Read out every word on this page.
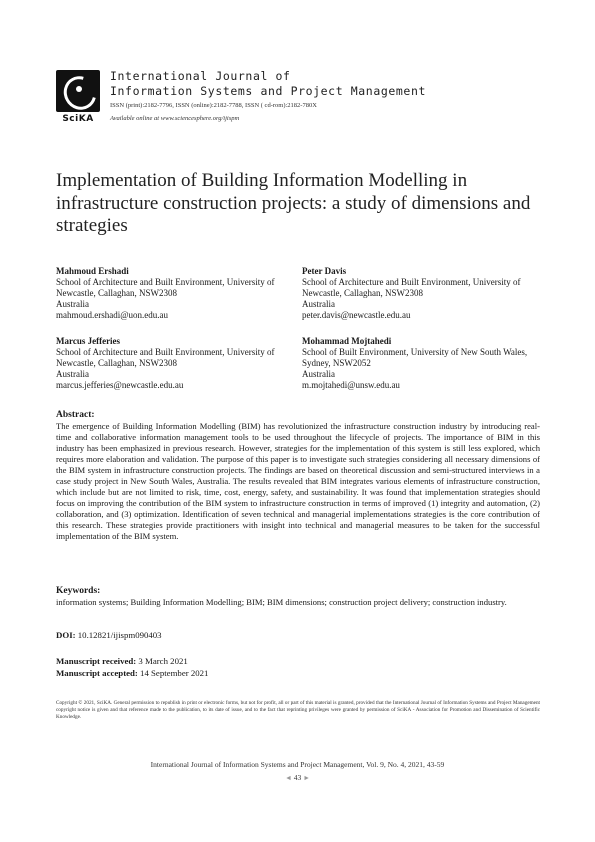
SciKA
International Journal of
Information Systems and Project Management
ISSN (print):2182-7796, ISSN (online):2182-7788, ISSN ( cd-rom):2182-780X
Available online at www.sciencesphere.org/ijispm
Implementation of Building Information Modelling in infrastructure construction projects: a study of dimensions and strategies
Mahmoud Ershadi
School of Architecture and Built Environment, University of Newcastle, Callaghan, NSW2308
Australia
mahmoud.ershadi@uon.edu.au
Peter Davis
School of Architecture and Built Environment, University of Newcastle, Callaghan, NSW2308
Australia
peter.davis@newcastle.edu.au
Marcus Jefferies
School of Architecture and Built Environment, University of Newcastle, Callaghan, NSW2308
Australia
marcus.jefferies@newcastle.edu.au
Mohammad Mojtahedi
School of Built Environment, University of New South Wales, Sydney, NSW2052
Australia
m.mojtahedi@unsw.edu.au
Abstract:

The emergence of Building Information Modelling (BIM) has revolutionized the infrastructure construction industry by introducing real-time and collaborative information management tools to be used throughout the lifecycle of projects. The importance of BIM in this industry has been emphasized in previous research. However, strategies for the implementation of this system is still less explored, which requires more elaboration and validation. The purpose of this paper is to investigate such strategies considering all necessary dimensions of the BIM system in infrastructure construction projects. The findings are based on theoretical discussion and semi-structured interviews in a case study project in New South Wales, Australia. The results revealed that BIM integrates various elements of infrastructure construction, which include but are not limited to risk, time, cost, energy, safety, and sustainability. It was found that implementation strategies should focus on improving the contribution of the BIM system to infrastructure construction in terms of improved (1) integrity and automation, (2) collaboration, and (3) optimization. Identification of seven technical and managerial implementations strategies is the core contribution of this research. These strategies provide practitioners with insight into technical and managerial measures to be taken for the successful implementation of the BIM system.

Keywords:

information systems; Building Information Modelling; BIM; BIM dimensions; construction project delivery; construction industry.

DOI: 10.12821/ijispm090403
Manuscript received: 3 March 2021
Manuscript accepted: 14 September 2021
Copyright © 2021, SciKA. General permission to republish in print or electronic forms, but not for profit, all or part of this material is granted, provided that the International Journal of Information Systems and Project Management copyright notice is given and that reference made to the publication, to its date of issue, and to the fact that reprinting privileges were granted by permission of SciKA - Association for Promotion and Dissemination of Scientific Knowledge.
International Journal of Information Systems and Project Management, Vol. 9, No. 4, 2021, 43-59
◄ 43 ►
